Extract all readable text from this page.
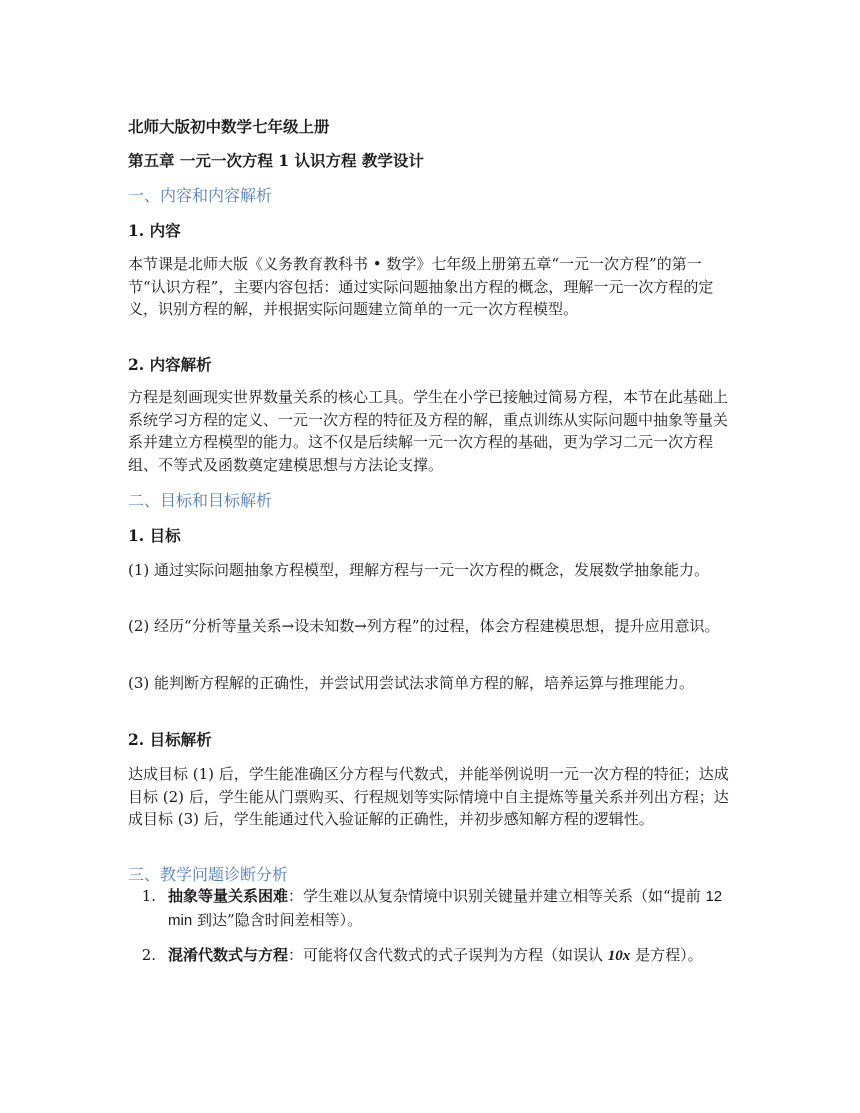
北师大版初中数学七年级上册
第五章 一元一次方程 1 认识方程 教学设计
一、内容和内容解析
1. 内容
本节课是北师大版《义务教育教科书 • 数学》七年级上册第五章“一元一次方程”的第一节“认识方程”，主要内容包括：通过实际问题抽象出方程的概念，理解一元一次方程的定义，识别方程的解，并根据实际问题建立简单的一元一次方程模型。
2. 内容解析
方程是刻画现实世界数量关系的核心工具。学生在小学已接触过简易方程，本节在此基础上系统学习方程的定义、一元一次方程的特征及方程的解，重点训练从实际问题中抽象等量关系并建立方程模型的能力。这不仅是后续解一元一次方程的基础，更为学习二元一次方程组、不等式及函数奠定建模思想与方法论支撑。
二、目标和目标解析
1. 目标
(1) 通过实际问题抽象方程模型，理解方程与一元一次方程的概念，发展数学抽象能力。
(2) 经历“分析等量关系→设未知数→列方程”的过程，体会方程建模思想，提升应用意识。
(3) 能判断方程解的正确性，并尝试用尝试法求简单方程的解，培养运算与推理能力。
2. 目标解析
达成目标 (1) 后，学生能准确区分方程与代数式，并能举例说明一元一次方程的特征；达成目标 (2) 后，学生能从门票购买、行程规划等实际情境中自主提炼等量关系并列出方程；达成目标 (3) 后，学生能通过代入验证解的正确性，并初步感知解方程的逻辑性。
三、教学问题诊断分析
1. 抽象等量关系困难：学生难以从复杂情境中识别关键量并建立相等关系（如“提前 12 min 到达”隐含时间差相等）。
2. 混淆代数式与方程：可能将仅含代数式的式子误判为方程（如误认 10x 是方程）。
